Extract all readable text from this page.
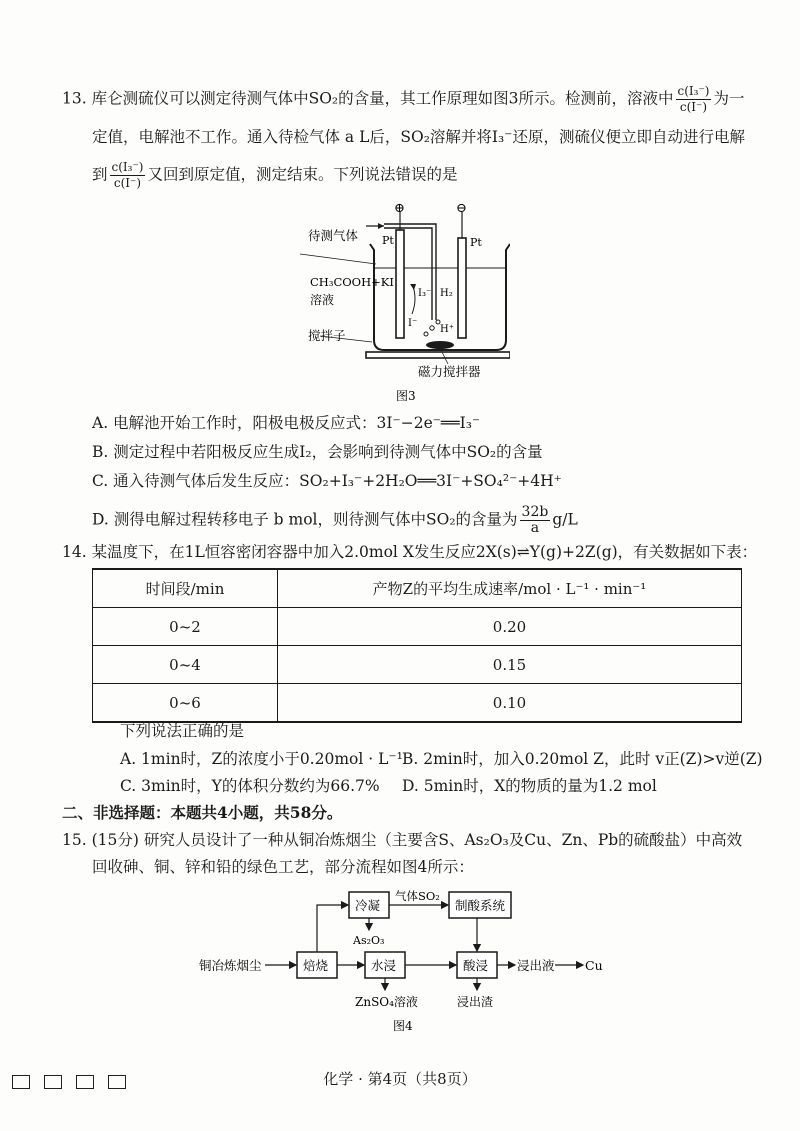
13. 库仑测硫仪可以测定待测气体中SO₂的含量，其工作原理如图3所示。检测前，溶液中 $\frac{\text{c(I₃⁻)}}{c(I^-)}$ 为一
定值，电解池不工作。通入待检气体 a L后，SO₂溶解并将I₃⁻还原，测硫仪便立即自动进行电解
到 $\frac{\text{c(I₃⁻)}}{c(I^-)}$ 又回到原定值，测定结束。下列说法错误的是
⊕	⊖
待测气体 Pt	Pt
CH₃COOH+KI
溶液	I₃⁻ H₂
I⁻
H⁺
搅拌子
磁力搅拌器
图3
A. 电解池开始工作时，阳极电极反应式：3I⁻−2e⁻══I₃⁻
B. 测定过程中若阳极反应生成I₂，会影响到待测气体中SO₂的含量
C. 通入待测气体后发生反应：SO₂+I₃⁻+2H₂O══3I⁻+SO₄²⁻+4H⁺
D. 测得电解过程转移电子 b mol，则待测气体中SO₂的含量为 $\frac{32b}{a} g/L$
14. 某温度下，在1L恒容密闭容器中加入2.0mol X发生反应2X(s)⇌Y(g)+2Z(g)，有关数据如下表：
时间段/min	产物Z的平均生成速率/mol · L⁻¹ · min⁻¹
0~2	0.20
0~4	0.15
0~6	0.10
下列说法正确的是
A. 1min时，Z的浓度小于0.20mol · L⁻¹ B. 2min时，加入0.20mol Z，此时 v正(Z)>v逆(Z)
C. 3min时，Y的体积分数约为66.7% D. 5min时，X的物质的量为1.2 mol
二、非选择题：本题共4小题，共58分。
15. (15分) 研究人员设计了一种从铜冶炼烟尘（主要含S、As₂O₃及Cu、Zn、Pb的硫酸盐）中高效
回收砷、铜、锌和铅的绿色工艺，部分流程如图4所示：
铜冶炼烟尘	焙烧
冷凝
气体SO₂
制酸系统
As₂O₃
水浸	酸浸 浸出液 Cu
ZnSO₄溶液	浸出渣
图4
化学 · 第4页（共8页）
